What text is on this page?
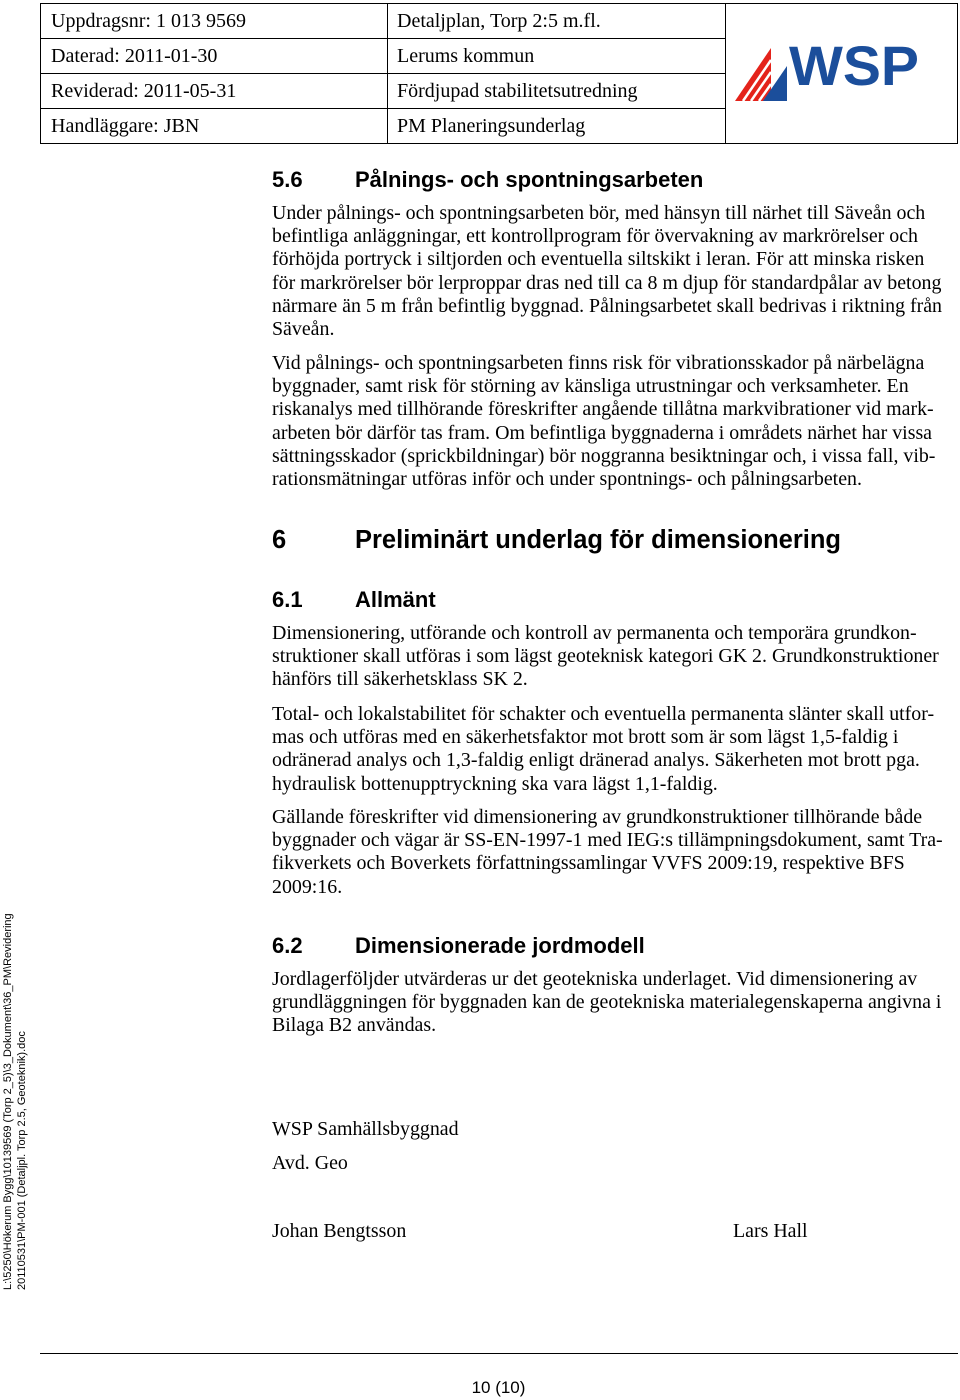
WSP
Uppdragsnr: 1 013 9569	Detaljplan, Torp 2:5 m.fl.
Daterad: 2011-01-30	Lerums kommun
Reviderad: 2011-05-31	Fördjupad stabilitetsutredning
Handläggare: JBN	PM Planeringsunderlag
5.6	Pålnings- och spontningsarbeten
Under pålnings- och spontningsarbeten bör, med hänsyn till närhet till Säveån och
befintliga anläggningar, ett kontrollprogram för övervakning av markrörelser och
förhöjda portryck i siltjorden och eventuella siltskikt i leran. För att minska risken
för markrörelser bör lerproppar dras ned till ca 8 m djup för standardpålar av betong
närmare än 5 m från befintlig byggnad. Pålningsarbetet skall bedrivas i riktning från
Säveån.
Vid pålnings- och spontningsarbeten finns risk för vibrationsskador på närbelägna
byggnader, samt risk för störning av känsliga utrustningar och verksamheter. En
riskanalys med tillhörande föreskrifter angående tillåtna markvibrationer vid mark-
arbeten bör därför tas fram. Om befintliga byggnaderna i områdets närhet har vissa
sättningsskador (sprickbildningar) bör noggranna besiktningar och, i vissa fall, vib-
rationsmätningar utföras inför och under spontnings- och pålningsarbeten.
6	Preliminärt underlag för dimensionering
6.1	Allmänt
Dimensionering, utförande och kontroll av permanenta och temporära grundkon-
struktioner skall utföras i som lägst geoteknisk kategori GK 2. Grundkonstruktioner
hänförs till säkerhetsklass SK 2.
Total- och lokalstabilitet för schakter och eventuella permanenta slänter skall utfor-
mas och utföras med en säkerhetsfaktor mot brott som är som lägst 1,5-faldig i
odränerad analys och 1,3-faldig enligt dränerad analys. Säkerheten mot brott pga.
hydraulisk bottenupptryckning ska vara lägst 1,1-faldig.
Gällande föreskrifter vid dimensionering av grundkonstruktioner tillhörande både
byggnader och vägar är SS-EN-1997-1 med IEG:s tillämpningsdokument, samt Tra-
fikverkets och Boverkets författningssamlingar VVFS 2009:19, respektive BFS
2009:16.
6.2	Dimensionerade jordmodell
Jordlagerföljder utvärderas ur det geotekniska underlaget. Vid dimensionering av
grundläggningen för byggnaden kan de geotekniska materialegenskaperna angivna i
Bilaga B2 användas.
WSP Samhällsbyggnad
Avd. Geo
Johan Bengtsson	Lars Hall
L:\5250\Hökerum Bygg\10139569 (Torp 2_5)\3_Dokument\36_PM\Revidering 20110531\PM-001 (Detaljpl. Torp 2.5, Geoteknik).doc
10 (10)
